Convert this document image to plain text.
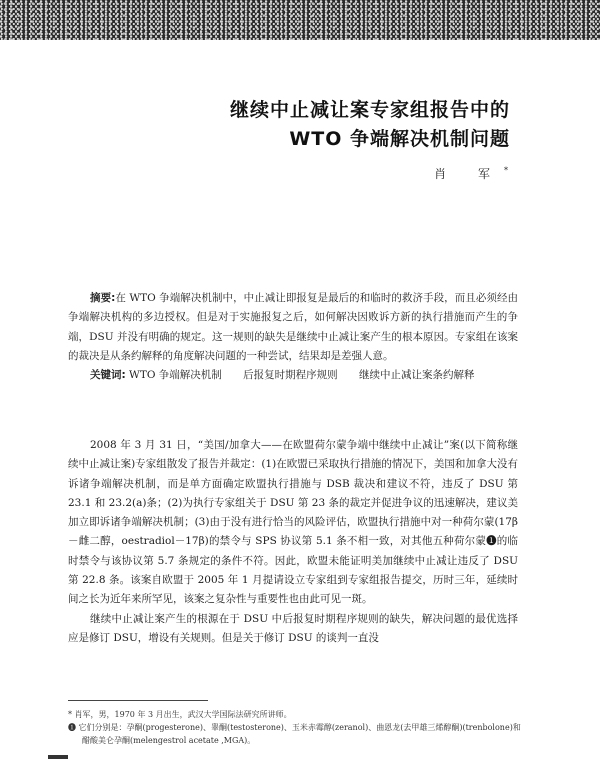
继续中止减让案专家组报告中的
WTO 争端解决机制问题
肖 军*
摘要:在 WTO 争端解决机制中，中止减让即报复是最后的和临时的救济手段，而且必须经由争端解决机构的多边授权。但是对于实施报复之后，如何解决因败诉方新的执行措施而产生的争端，DSU 并没有明确的规定。这一规则的缺失是继续中止减让案产生的根本原因。专家组在该案的裁决是从条约解释的角度解决问题的一种尝试，结果却是差强人意。
关键词: WTO 争端解决机制 后报复时期程序规则 继续中止减让案条约解释

2008 年 3 月 31 日，“美国/加拿大——在欧盟荷尔蒙争端中继续中止减让”案(以下简称继续中止减让案)专家组散发了报告并裁定：(1)在欧盟已采取执行措施的情况下，美国和加拿大没有诉诸争端解决机制，而是单方面确定欧盟执行措施与 DSB 裁决和建议不符，违反了 DSU 第 23.1 和 23.2(a)条；(2)为执行专家组关于 DSU 第 23 条的裁定并促进争议的迅速解决，建议美加立即诉诸争端解决机制；(3)由于没有进行恰当的风险评估，欧盟执行措施中对一种荷尔蒙(17β－雌二醇，oestradiol－17β)的禁令与 SPS 协议第 5.1 条不相一致，对其他五种荷尔蒙❶的临时禁令与该协议第 5.7 条规定的条件不符。因此，欧盟未能证明美加继续中止减让违反了 DSU 第 22.8 条。该案自欧盟于 2005 年 1 月提请设立专家组到专家组报告提交，历时三年，延续时间之长为近年来所罕见，该案之复杂性与重要性也由此可见一斑。

继续中止减让案产生的根源在于 DSU 中后报复时期程序规则的缺失，解决问题的最优选择应是修订 DSU，增设有关规则。但是关于修订 DSU 的谈判一直没

* 肖军，男，1970 年 3 月出生，武汉大学国际法研究所讲师。

❶ 它们分别是：孕酮(progesterone)、睾酮(testosterone)、玉米赤霉醇(zeranol)、曲恩龙(去甲雄三烯醇酮)(trenbolone)和醋酸美仑孕酮(melengestrol acetate ,MGA)。
